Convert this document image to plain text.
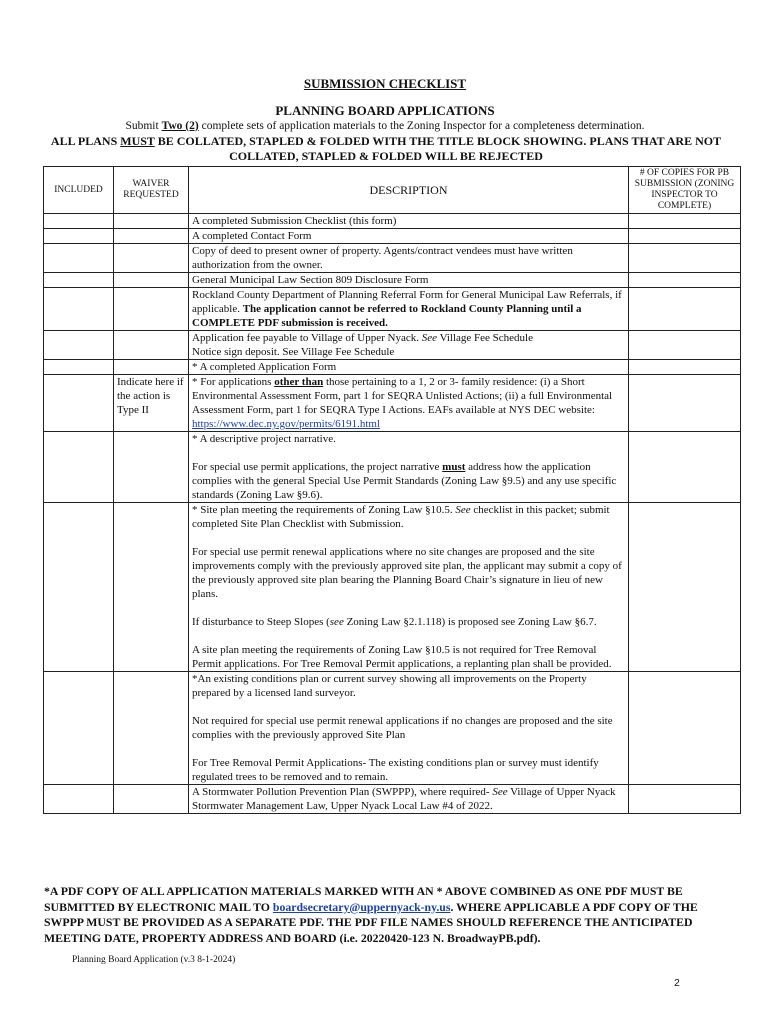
SUBMISSION CHECKLIST
PLANNING BOARD APPLICATIONS
Submit Two (2) complete sets of application materials to the Zoning Inspector for a completeness determination.
ALL PLANS MUST BE COLLATED, STAPLED & FOLDED WITH THE TITLE BLOCK SHOWING. PLANS THAT ARE NOT COLLATED, STAPLED & FOLDED WILL BE REJECTED
INCLUDED	WAIVER REQUESTED	DESCRIPTION	# OF COPIES FOR PB SUBMISSION (ZONING INSPECTOR TO COMPLETE)
		A completed Submission Checklist (this form)	
		A completed Contact Form	
		Copy of deed to present owner of property. Agents/contract vendees must have written authorization from the owner.	
		General Municipal Law Section 809 Disclosure Form	
		Rockland County Department of Planning Referral Form for General Municipal Law Referrals, if applicable. The application cannot be referred to Rockland County Planning until a COMPLETE PDF submission is received.	
		Application fee payable to Village of Upper Nyack. See Village Fee Schedule
Notice sign deposit. See Village Fee Schedule	
		* A completed Application Form	
	Indicate here if the action is Type II	* For applications other than those pertaining to a 1, 2 or 3- family residence: (i) a Short Environmental Assessment Form, part 1 for SEQRA Unlisted Actions; (ii) a full Environmental Assessment Form, part 1 for SEQRA Type I Actions. EAFs available at NYS DEC website: https://www.dec.ny.gov/permits/6191.html	

		* A descriptive project narrative.
For special use permit applications, the project narrative must address how the application complies with the general Special Use Permit Standards (Zoning Law §9.5) and any use specific standards (Zoning Law §9.6).	

		* Site plan meeting the requirements of Zoning Law §10.5. See checklist in this packet; submit completed Site Plan Checklist with Submission.
For special use permit renewal applications where no site changes are proposed and the site improvements comply with the previously approved site plan, the applicant may submit a copy of the previously approved site plan bearing the Planning Board Chair’s signature in lieu of new plans.
If disturbance to Steep Slopes (see Zoning Law §2.1.118) is proposed see Zoning Law §6.7.
A site plan meeting the requirements of Zoning Law §10.5 is not required for Tree Removal Permit applications. For Tree Removal Permit applications, a replanting plan shall be provided.	

		*An existing conditions plan or current survey showing all improvements on the Property prepared by a licensed land surveyor.
Not required for special use permit renewal applications if no changes are proposed and the site complies with the previously approved Site Plan
For Tree Removal Permit Applications- The existing conditions plan or survey must identify regulated trees to be removed and to remain.	

		A Stormwater Pollution Prevention Plan (SWPPP), where required- See Village of Upper Nyack Stormwater Management Law, Upper Nyack Local Law #4 of 2022.	
*A PDF COPY OF ALL APPLICATION MATERIALS MARKED WITH AN * ABOVE COMBINED AS ONE PDF MUST BE SUBMITTED BY ELECTRONIC MAIL TO boardsecretary@uppernyack-ny.us. WHERE APPLICABLE A PDF COPY OF THE SWPPP MUST BE PROVIDED AS A SEPARATE PDF. THE PDF FILE NAMES SHOULD REFERENCE THE ANTICIPATED MEETING DATE, PROPERTY ADDRESS AND BOARD (i.e. 20220420-123 N. BroadwayPB.pdf).
Planning Board Application (v.3 8-1-2024)
2
